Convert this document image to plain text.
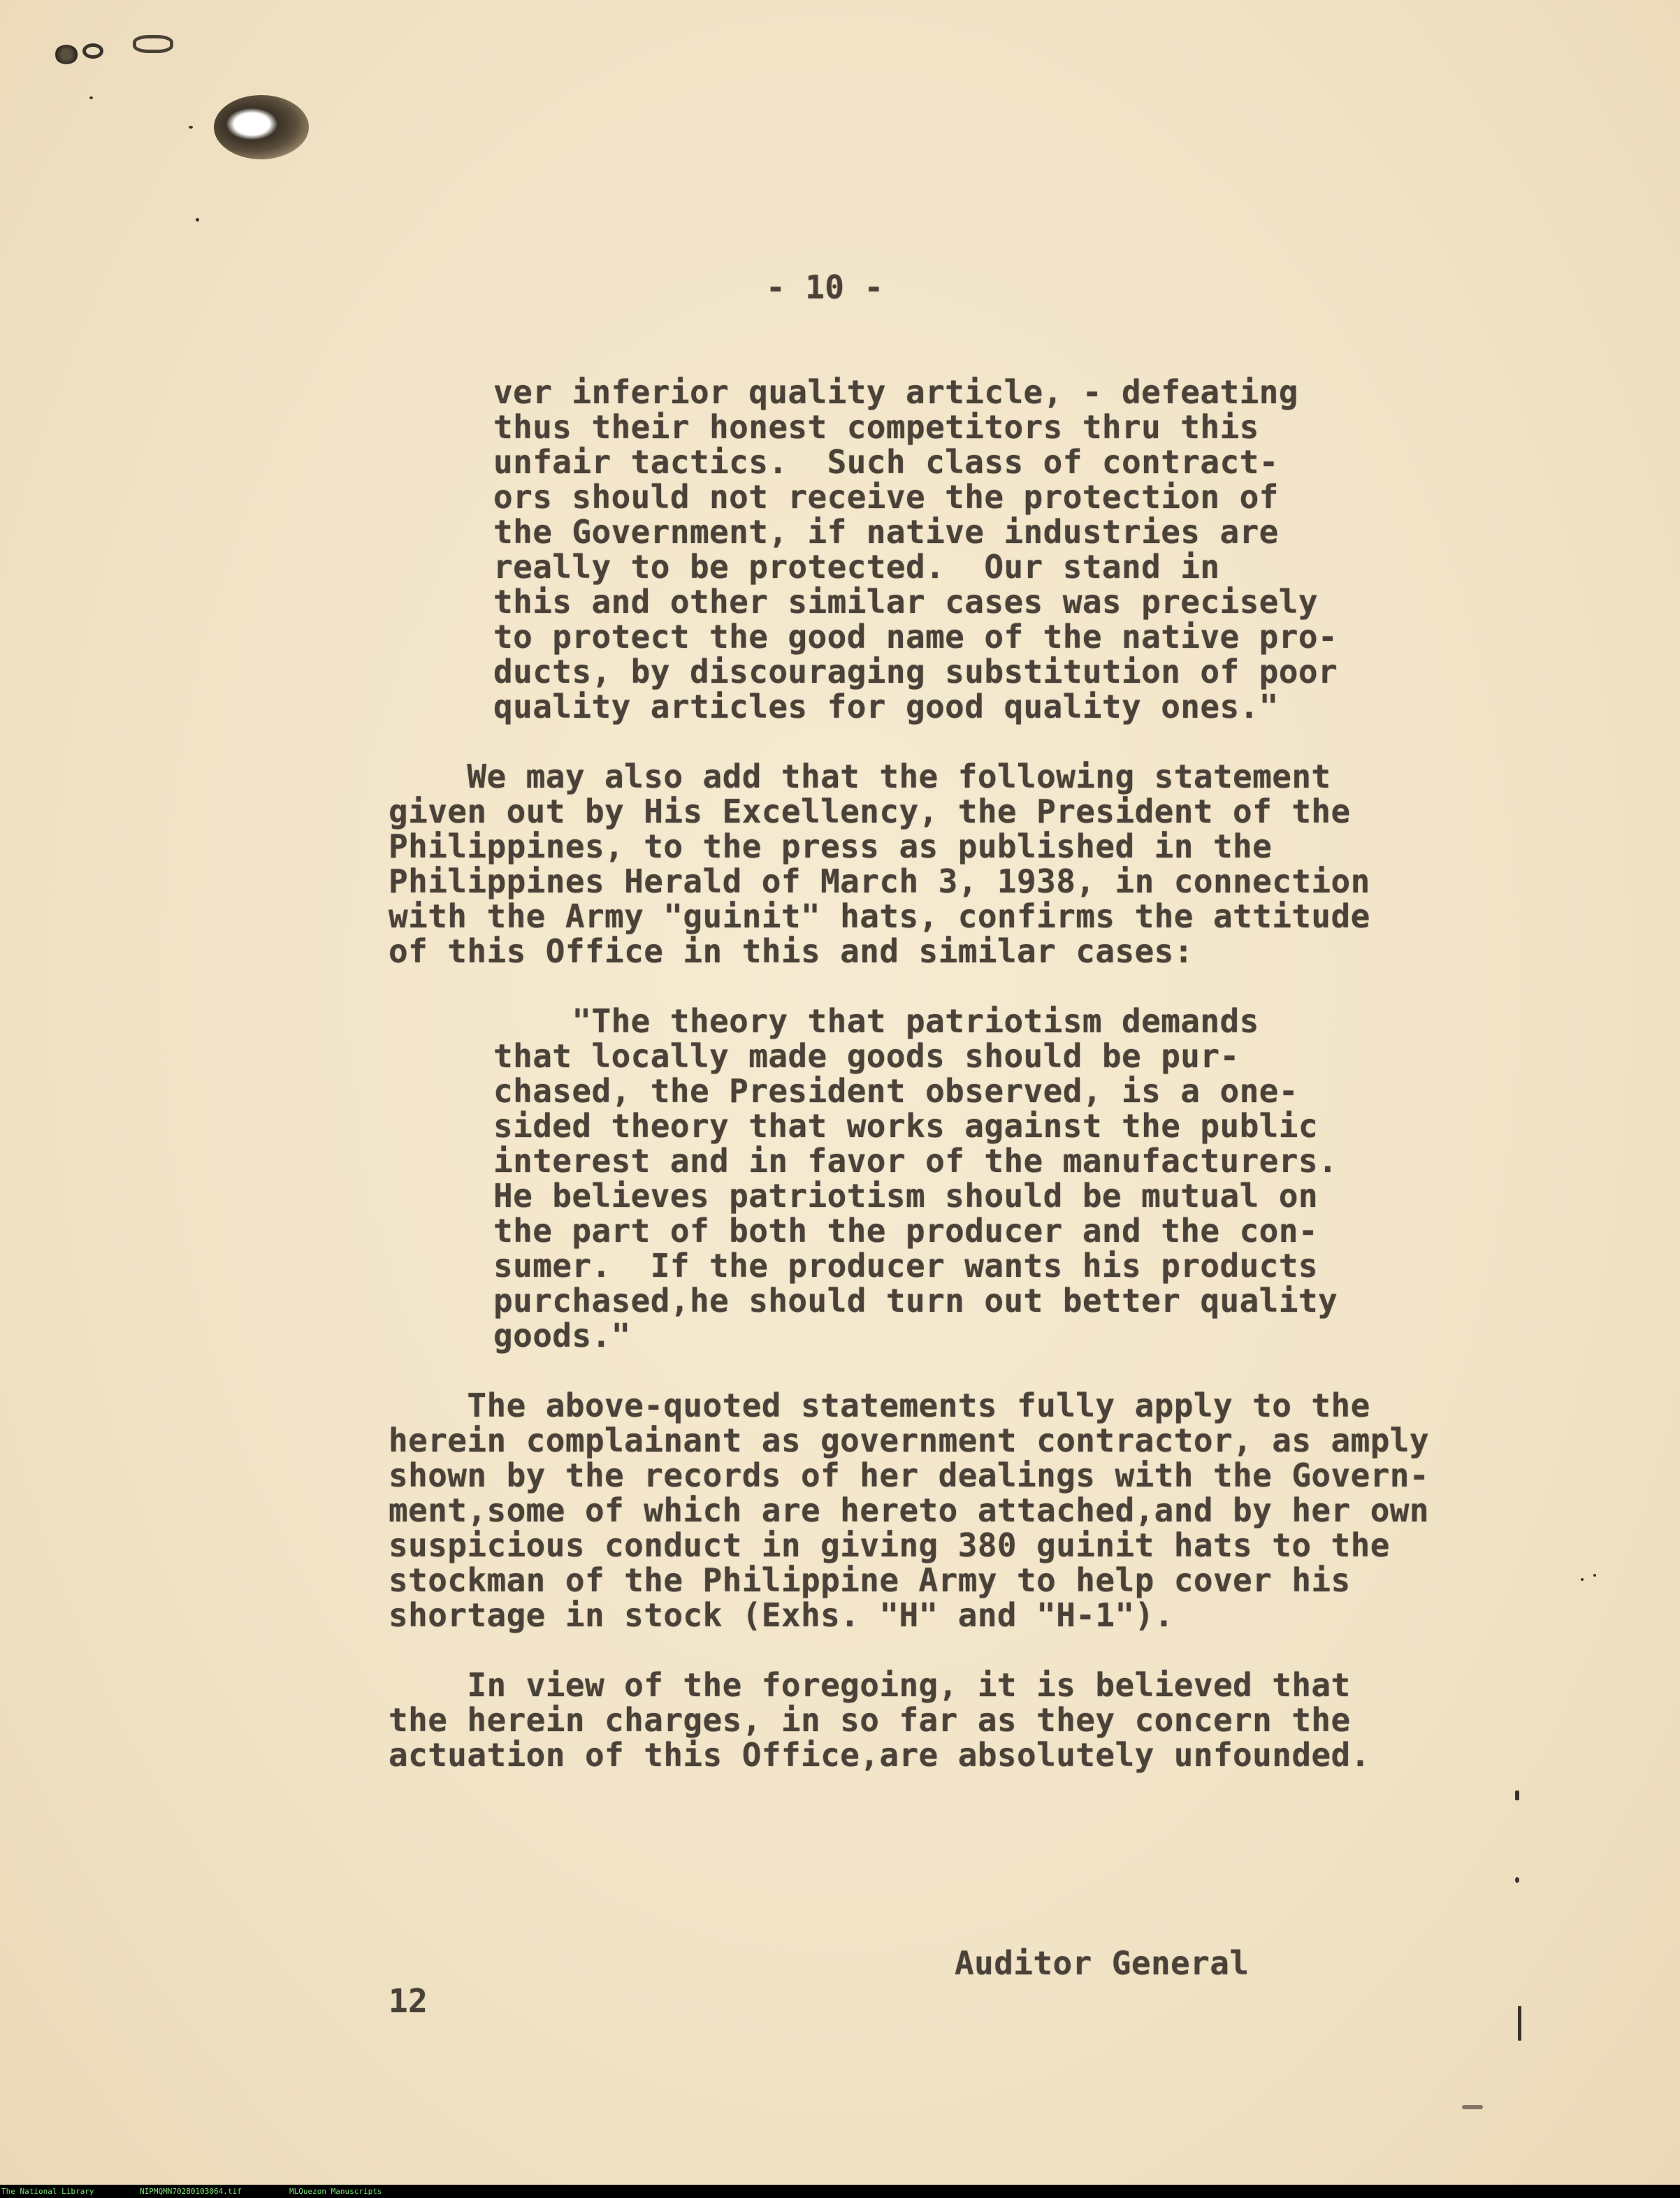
- 10 -
ver inferior quality article, - defeating
thus their honest competitors thru this
unfair tactics.  Such class of contract-
ors should not receive the protection of
the Government, if native industries are
really to be protected.  Our stand in
this and other similar cases was precisely
to protect the good name of the native pro-
ducts, by discouraging substitution of poor
quality articles for good quality ones."
We may also add that the following statement
given out by His Excellency, the President of the
Philippines, to the press as published in the
Philippines Herald of March 3, 1938, in connection
with the Army "guinit" hats, confirms the attitude
of this Office in this and similar cases:
"The theory that patriotism demands
that locally made goods should be pur-
chased, the President observed, is a one-
sided theory that works against the public
interest and in favor of the manufacturers.
He believes patriotism should be mutual on
the part of both the producer and the con-
sumer.  If the producer wants his products
purchased,he should turn out better quality
goods."
The above-quoted statements fully apply to the
herein complainant as government contractor, as amply
shown by the records of her dealings with the Govern-
ment,some of which are hereto attached,and by her own
suspicious conduct in giving 380 guinit hats to the
stockman of the Philippine Army to help cover his
shortage in stock (Exhs. "H" and "H-1").
In view of the foregoing, it is believed that
the herein charges, in so far as they concern the
actuation of this Office,are absolutely unfounded.
Auditor General
12
The National Library	NIPMQMN70280103064.tif	MLQuezon Manuscripts
